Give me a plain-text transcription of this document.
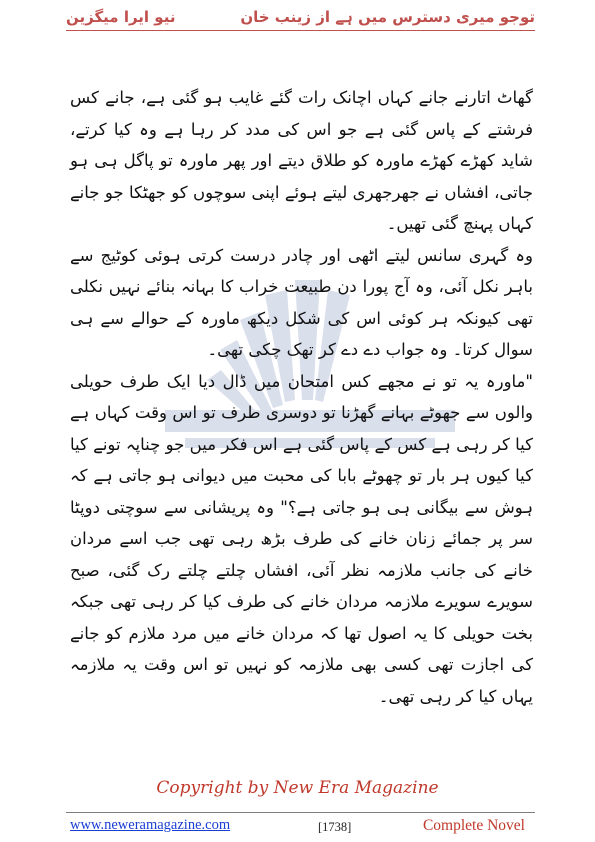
توجو میری دسترس میں ہے از زینب خان
نیو ایرا میگزین

گھاٹ اتارنے جانے کہاں اچانک رات گئے غایب ہو گئی ہے، جانے کس فرشتے کے پاس گئی ہے جو اس کی مدد کر رہا ہے وہ کیا کرتے، شاید کھڑے کھڑے ماورہ کو طلاق دیتے اور پھر ماورہ تو پاگل ہی ہو جاتی، افشاں نے جھرجھری لیتے ہوئے اپنی سوچوں کو جھٹکا جو جانے کہاں پہنچ گئی تھیں۔

وہ گہری سانس لیتے اٹھی اور چادر درست کرتی ہوئی کوٹیج سے باہر نکل آئی، وہ آج پورا دن طبیعت خراب کا بہانہ بنائے نہیں نکلی تھی کیونکہ ہر کوئی اس کی شکل دیکھ ماورہ کے حوالے سے ہی سوال کرتا۔ وہ جواب دے دے کر تھک چکی تھی۔

"ماورہ یہ تو نے مجھے کس امتحان میں ڈال دیا ایک طرف حویلی والوں سے جھوٹے بہانے گھڑنا تو دوسری طرف تو اس وقت کہاں ہے کیا کر رہی ہے کس کے پاس گئی ہے اس فکر میں جو چناپہ تونے کیا کیا کیوں ہر بار تو چھوٹے بابا کی محبت میں دیوانی ہو جاتی ہے کہ ہوش سے بیگانی ہی ہو جاتی ہے؟" وہ پریشانی سے سوچتی دوپٹا سر پر جمائے زنان خانے کی طرف بڑھ رہی تھی جب اسے مردان خانے کی جانب ملازمہ نظر آئی، افشاں چلتے چلتے رک گئی، صبح سویرے سویرے ملازمہ مردان خانے کی طرف کیا کر رہی تھی جبکہ بخت حویلی کا یہ اصول تھا کہ مردان خانے میں مرد ملازم کو جانے کی اجازت تھی کسی بھی ملازمہ کو نہیں تو اس وقت یہ ملازمہ یہاں کیا کر رہی تھی۔

Copyright by New Era Magazine
www.neweramagazine.com	[1738]	Complete Novel
